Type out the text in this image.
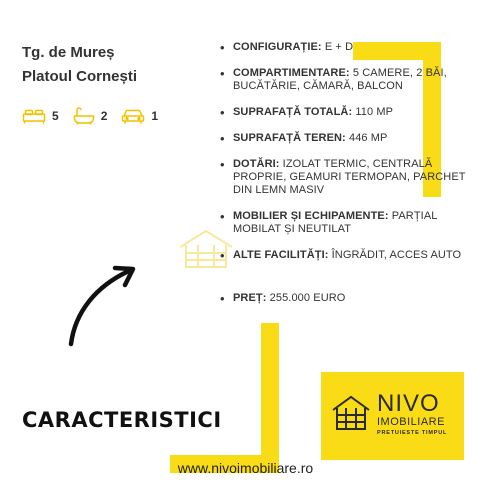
Tg. de Mureș
Platoul Cornești
5	2	1
• CONFIGURAȚIE: E + D
• COMPARTIMENTARE: 5 CAMERE, 2 BĂI, BUCĂTĂRIE, CĂMARĂ, BALCON
• SUPRAFAȚĂ TOTALĂ: 110 MP
• SUPRAFAȚĂ TEREN: 446 MP
• DOTĂRI: IZOLAT TERMIC, CENTRALĂ PROPRIE, GEAMURI TERMOPAN, PARCHET DIN LEMN MASIV
• MOBILIER ȘI ECHIPAMENTE: PARȚIAL MOBILAT ȘI NEUTILAT
• ALTE FACILITĂȚI: ÎNGRĂDIT, ACCES AUTO
• PREȚ: 255.000 EURO
CARACTERISTICI
NIVO
IMOBILIARE
PRETUIESTE TIMPUL
www.nivoimobiliare.ro
